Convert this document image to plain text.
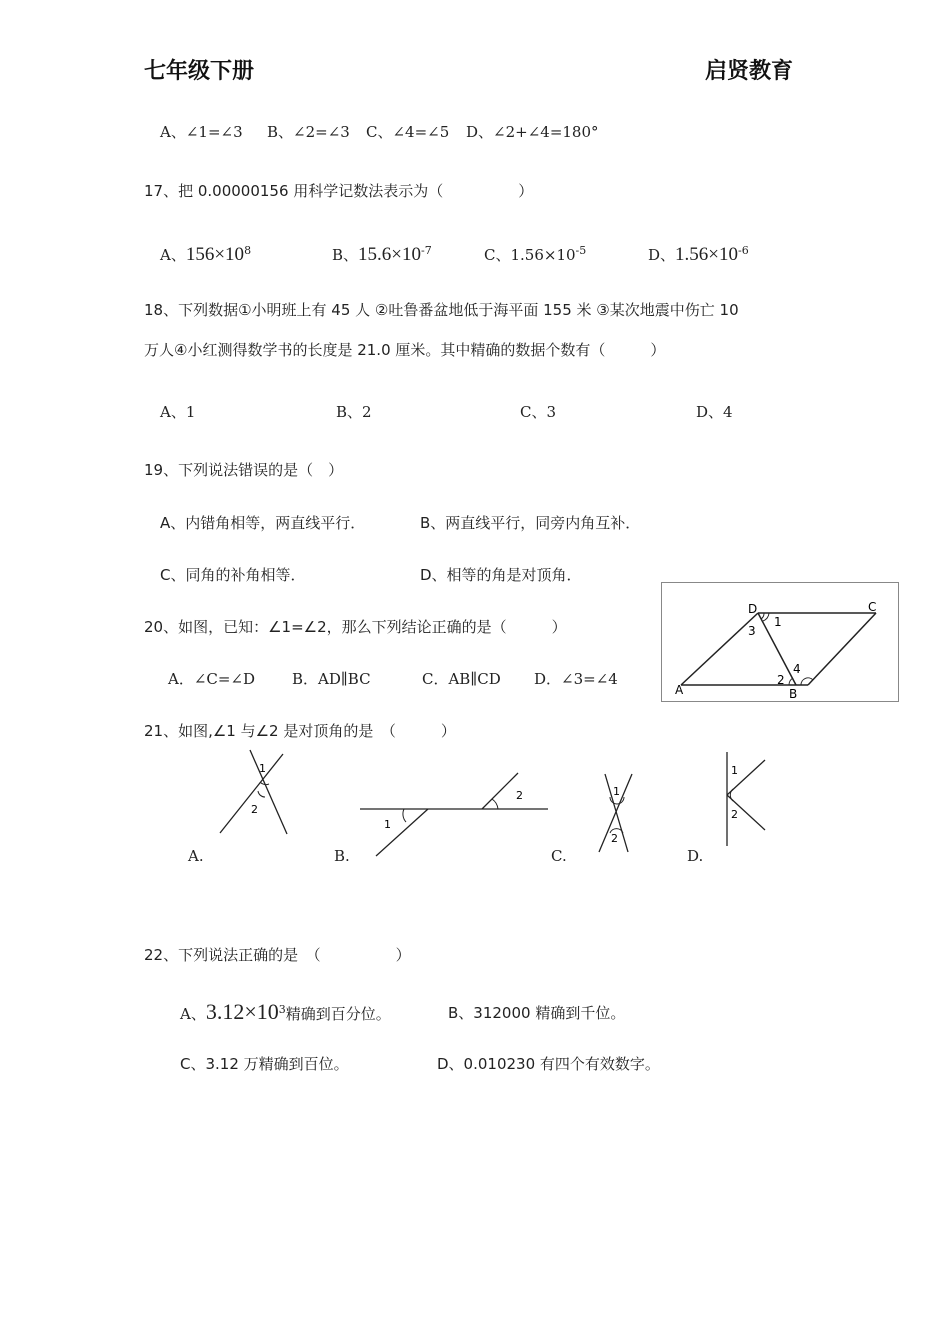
七年级下册	启贤教育
A、∠1=∠3 B、∠2=∠3 C、∠4=∠5 D、∠2+∠4=180°
17、把 0.00000156 用科学记数法表示为（　　　　　）
A、$156\times 10^8$	B、$15.6\times 10^{-7}$	C、$1.56\times 10^{-5}$	D、$1.56\times 10^{-6}$
18、下列数据①小明班上有 45 人 ②吐鲁番盆地低于海平面 155 米 ③某次地震中伤亡 10
万人④小红测得数学书的长度是 21.0 厘米。其中精确的数据个数有（　　　）
A、1	B、2	C、3	D、4
19、下列说法错误的是（　）
A、内错角相等，两直线平行．	B、两直线平行，同旁内角互补．
C、同角的补角相等．	D、相等的角是对顶角．
20、如图，已知：∠1=∠2，那么下列结论正确的是（　　　）
A．∠C=∠D B．AD∥BC	C．AB∥CD D．∠3=∠4
A	B
C
D
1
2
3
4
21、如图,∠1 与∠2 是对顶角的是　（　　　）
1
2
A.
1
2
B.
1
2
C.
1
2
D.
22、下列说法正确的是　（　　　　　）
A、$3.12\times 10^3$精确到百分位。	B、312000 精确到千位。
C、3.12 万精确到百位。	D、0.010230 有四个有效数字。
